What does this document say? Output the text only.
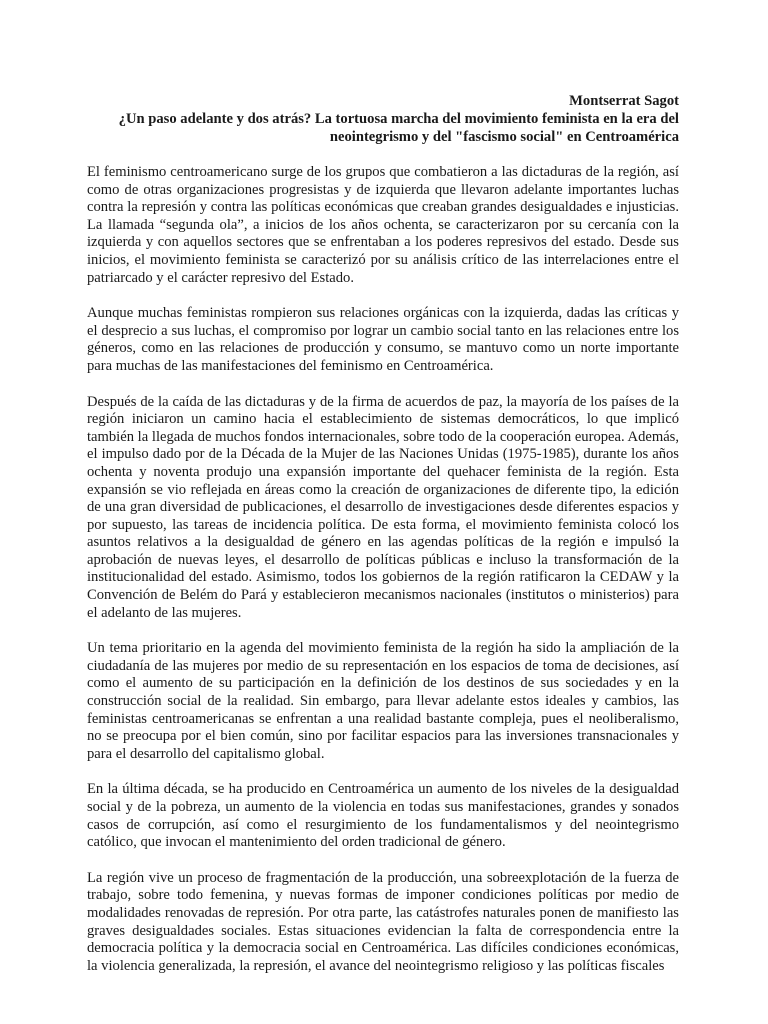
Montserrat Sagot
¿Un paso adelante y dos atrás? La tortuosa marcha del movimiento feminista en la era del
neointegrismo y del "fascismo social" en Centroamérica

El feminismo centroamericano surge de los grupos que combatieron a las dictaduras de la región, así como de otras organizaciones progresistas y de izquierda que llevaron adelante importantes luchas contra la represión y contra las políticas económicas que creaban grandes desigualdades e injusticias. La llamada “segunda ola”, a inicios de los años ochenta, se caracterizaron por su cercanía con la izquierda y con aquellos sectores que se enfrentaban a los poderes represivos del estado. Desde sus inicios, el movimiento feminista se caracterizó por su análisis crítico de las interrelaciones entre el patriarcado y el carácter represivo del Estado.

Aunque muchas feministas rompieron sus relaciones orgánicas con la izquierda, dadas las críticas y el desprecio a sus luchas, el compromiso por lograr un cambio social tanto en las relaciones entre los géneros, como en las relaciones de producción y consumo, se mantuvo como un norte importante para muchas de las manifestaciones del feminismo en Centroamérica.

Después de la caída de las dictaduras y de la firma de acuerdos de paz, la mayoría de los países de la región iniciaron un camino hacia el establecimiento de sistemas democráticos, lo que implicó también la llegada de muchos fondos internacionales, sobre todo de la cooperación europea. Además, el impulso dado por de la Década de la Mujer de las Naciones Unidas (1975-1985), durante los años ochenta y noventa produjo una expansión importante del quehacer feminista de la región. Esta expansión se vio reflejada en áreas como la creación de organizaciones de diferente tipo, la edición de una gran diversidad de publicaciones, el desarrollo de investigaciones desde diferentes espacios y por supuesto, las tareas de incidencia política. De esta forma, el movimiento feminista colocó los asuntos relativos a la desigualdad de género en las agendas políticas de la región e impulsó la aprobación de nuevas leyes, el desarrollo de políticas públicas e incluso la transformación de la institucionalidad del estado. Asimismo, todos los gobiernos de la región ratificaron la CEDAW y la Convención de Belém do Pará y establecieron mecanismos nacionales (institutos o ministerios) para el adelanto de las mujeres.

Un tema prioritario en la agenda del movimiento feminista de la región ha sido la ampliación de la ciudadanía de las mujeres por medio de su representación en los espacios de toma de decisiones, así como el aumento de su participación en la definición de los destinos de sus sociedades y en la construcción social de la realidad. Sin embargo, para llevar adelante estos ideales y cambios, las feministas centroamericanas se enfrentan a una realidad bastante compleja, pues el neoliberalismo, no se preocupa por el bien común, sino por facilitar espacios para las inversiones transnacionales y para el desarrollo del capitalismo global.

En la última década, se ha producido en Centroamérica un aumento de los niveles de la desigualdad social y de la pobreza, un aumento de la violencia en todas sus manifestaciones, grandes y sonados casos de corrupción, así como el resurgimiento de los fundamentalismos y del neointegrismo católico, que invocan el mantenimiento del orden tradicional de género.

La región vive un proceso de fragmentación de la producción, una sobreexplotación de la fuerza de trabajo, sobre todo femenina, y nuevas formas de imponer condiciones políticas por medio de modalidades renovadas de represión. Por otra parte, las catástrofes naturales ponen de manifiesto las graves desigualdades sociales. Estas situaciones evidencian la falta de correspondencia entre la democracia política y la democracia social en Centroamérica. Las difíciles condiciones económicas, la violencia generalizada, la represión, el avance del neointegrismo religioso y las políticas fiscales
